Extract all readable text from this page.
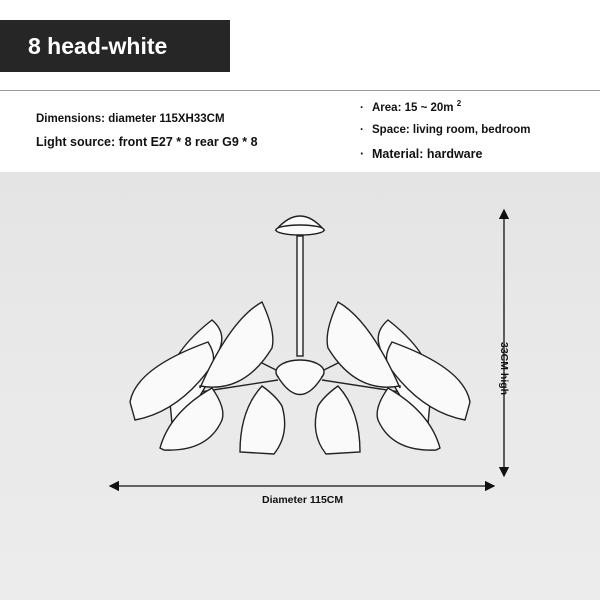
8 head-white
Dimensions: diameter 115XH33CM
Light source: front E27 * 8 rear G9 * 8
· Area: 15 ~ 20m $^2$
· Space: living room, bedroom
· Material: hardware
Diameter 115CM
33CM high
